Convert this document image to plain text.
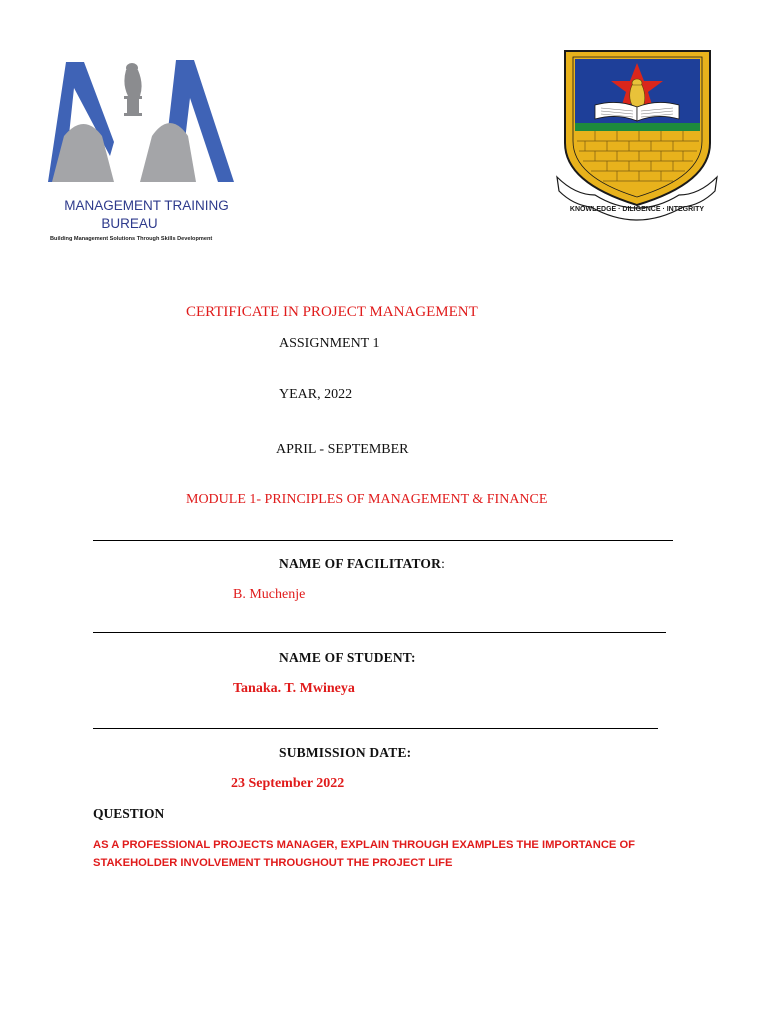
MANAGEMENT TRAINING
BUREAU
Building Management Solutions Through Skills Development
KNOWLEDGE · DILIGENCE · INTEGRITY
CERTIFICATE IN PROJECT MANAGEMENT
ASSIGNMENT 1
YEAR, 2022
APRIL - SEPTEMBER
MODULE 1- PRINCIPLES OF MANAGEMENT & FINANCE
NAME OF FACILITATOR:
B. Muchenje
NAME OF STUDENT:
Tanaka. T. Mwineya
SUBMISSION DATE:
23 September 2022
QUESTION
AS A PROFESSIONAL PROJECTS MANAGER, EXPLAIN THROUGH EXAMPLES THE IMPORTANCE OF
STAKEHOLDER INVOLVEMENT THROUGHOUT THE PROJECT LIFE
